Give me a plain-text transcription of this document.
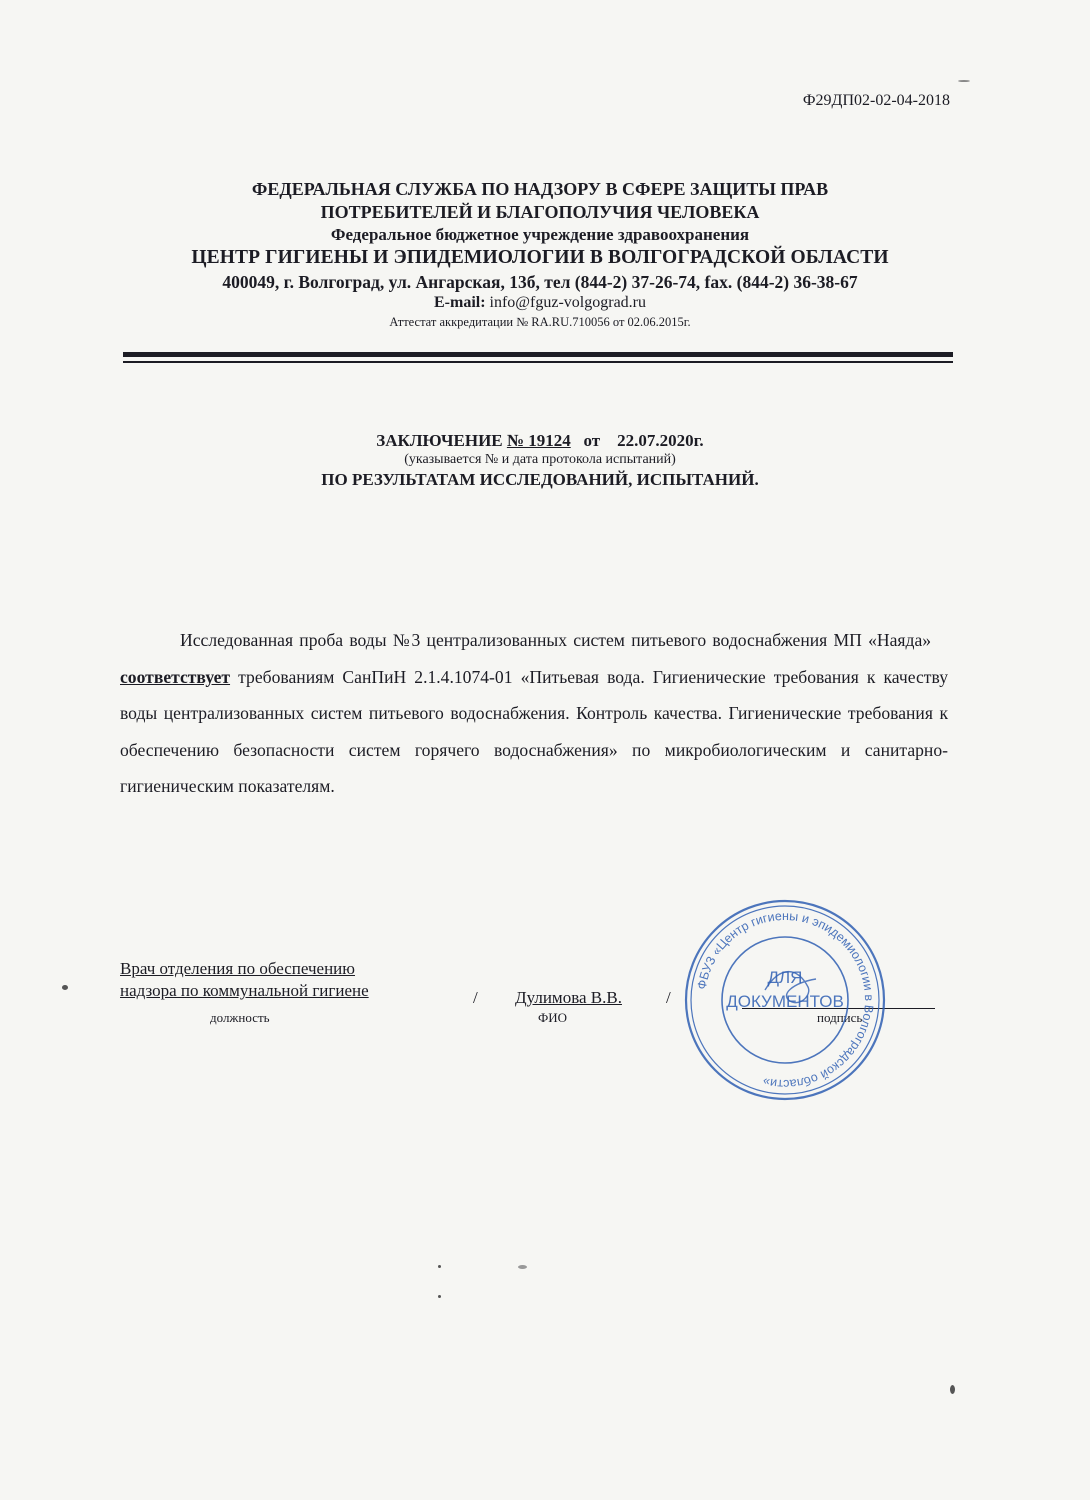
Ф29ДП02-02-04-2018
ФЕДЕРАЛЬНАЯ СЛУЖБА ПО НАДЗОРУ В СФЕРЕ ЗАЩИТЫ ПРАВ
ПОТРЕБИТЕЛЕЙ И БЛАГОПОЛУЧИЯ ЧЕЛОВЕКА
Федеральное бюджетное учреждение здравоохранения
ЦЕНТР ГИГИЕНЫ И ЭПИДЕМИОЛОГИИ В ВОЛГОГРАДСКОЙ ОБЛАСТИ
400049, г. Волгоград, ул. Ангарская, 13б, тел (844-2) 37-26-74, fax. (844-2) 36-38-67
E-mail: info@fguz-volgograd.ru
Аттестат аккредитации № RA.RU.710056 от 02.06.2015г.
ЗАКЛЮЧЕНИЕ № 19124 от 22.07.2020г.
(указывается № и дата протокола испытаний)
ПО РЕЗУЛЬТАТАМ ИССЛЕДОВАНИЙ, ИСПЫТАНИЙ.
Исследованная проба воды №3 централизованных систем питьевого водоснабжения МП «Наяда»    соответствует требованиям СанПиН 2.1.4.1074-01 «Питьевая вода. Гигиенические требования к качеству воды централизованных систем питьевого водоснабжения. Контроль качества. Гигиенические требования к обеспечению безопасности систем горячего водоснабжения» по микробиологическим и санитарно-гигиеническим показателям.
Врач отделения по обеспечению
надзора по коммунальной гигиене	/ Дулимова В.В.	/
должность	ФИО	подпись
ФБУЗ «Центр гигиены и эпидемиологии в Волгоградской области»
ДЛЯ
ДОКУМЕНТОВ
